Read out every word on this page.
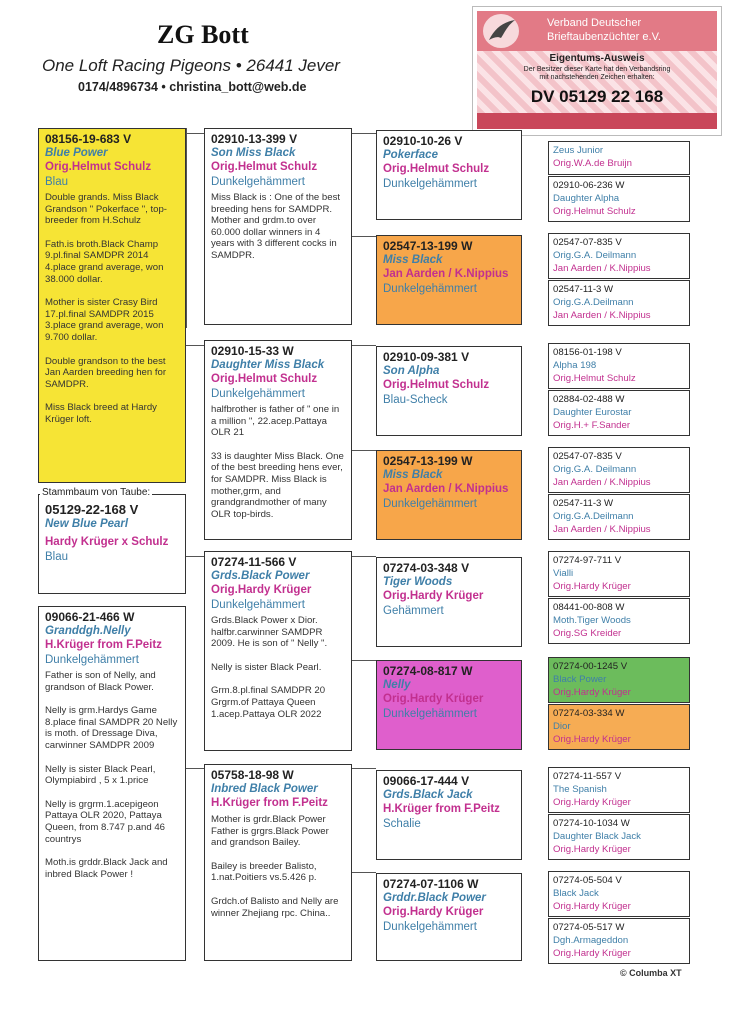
ZG Bott
One Loft Racing Pigeons • 26441 Jever
0174/4896734 • christina_bott@web.de
Verband Deutscher
Brieftaubenzüchter e.V.
Eigentums-Ausweis
Der Besitzer dieser Karte hat den Verbandsring
mit nachstehenden Zeichen erhalten:
DV 05129 22 168
08156-19-683 V
Blue Power
Orig.Helmut Schulz
Blau
Double grands. Miss Black Grandson " Pokerface ", top-breeder from H.Schulz
Fath.is broth.Black Champ 9.pl.final SAMDPR 2014 4.place grand average, won 38.000 dollar.
Mother is sister Crasy Bird 17.pl.final SAMDPR 2015 3.place grand average, won 9.700 dollar.
Double grandson to the best Jan Aarden breeding hen for SAMDPR.
Miss Black breed at Hardy Krüger loft.
Stammbaum von Taube:
05129-22-168 V
New Blue Pearl
Hardy Krüger x Schulz
Blau
09066-21-466 W
Granddgh.Nelly
H.Krüger from F.Peitz
Dunkelgehämmert
Father is son of Nelly, and grandson of Black Power.
Nelly is grm.Hardys Game 8.place final SAMDPR 20 Nelly is moth. of Dressage Diva, carwinner SAMDPR 2009
Nelly is sister Black Pearl, Olympiabird , 5 x 1.price
Nelly is grgrm.1.acepigeon Pattaya OLR 2020, Pattaya Queen, from 8.747 p.and 46 countrys
Moth.is grddr.Black Jack and inbred Black Power !
02910-13-399 V
Son Miss Black
Orig.Helmut Schulz
Dunkelgehämmert
Miss Black is : One of the best breeding hens for SAMDPR. Mother and grdm.to over 60.000 dollar winners in 4 years with 3 different cocks in SAMDPR.
02910-15-33 W
Daughter Miss Black
Orig.Helmut Schulz
Dunkelgehämmert
halfbrother is father of " one in a million ", 22.acep.Pattaya OLR 21
33 is daughter Miss Black. One of the best breeding hens ever, for SAMDPR. Miss Black is mother,grm, and grandgrandmother of many OLR top-birds.
07274-11-566 V
Grds.Black Power
Orig.Hardy Krüger
Dunkelgehämmert
Grds.Black Power x Dior. halfbr.carwinner SAMDPR 2009. He is son of " Nelly ".
Nelly is sister Black Pearl.
Grm.8.pl.final SAMDPR 20 Grgrm.of Pattaya Queen 1.acep.Pattaya OLR 2022
05758-18-98 W
Inbred Black Power
H.Krüger from F.Peitz
Mother is grdr.Black Power Father is grgrs.Black Power and grandson Bailey.
Bailey is breeder Balisto, 1.nat.Poitiers vs.5.426 p.
Grdch.of Balisto and Nelly are winner Zhejiang rpc. China..
02910-10-26 V
Pokerface
Orig.Helmut Schulz
Dunkelgehämmert
02547-13-199 W
Miss Black
Jan Aarden / K.Nippius
Dunkelgehämmert
02910-09-381 V
Son Alpha
Orig.Helmut Schulz
Blau-Scheck
02547-13-199 W
Miss Black
Jan Aarden / K.Nippius
Dunkelgehämmert
07274-03-348 V
Tiger Woods
Orig.Hardy Krüger
Gehämmert
07274-08-817 W
Nelly
Orig.Hardy Krüger
Dunkelgehämmert
09066-17-444 V
Grds.Black Jack
H.Krüger from F.Peitz
Schalie
07274-07-1106 W
Grddr.Black Power
Orig.Hardy Krüger
Dunkelgehämmert
Zeus Junior
Orig.W.A.de Bruijn
02910-06-236 W
Daughter Alpha
Orig.Helmut Schulz
02547-07-835 V
Orig.G.A. Deilmann
Jan Aarden / K.Nippius
02547-11-3 W
Orig.G.A.Deilmann
Jan Aarden / K.Nippius
08156-01-198 V
Alpha 198
Orig.Helmut Schulz
02884-02-488 W
Daughter Eurostar
Orig.H.+ F.Sander
02547-07-835 V
Orig.G.A. Deilmann
Jan Aarden / K.Nippius
02547-11-3 W
Orig.G.A.Deilmann
Jan Aarden / K.Nippius
07274-97-711 V
Vialli
Orig.Hardy Krüger
08441-00-808 W
Moth.Tiger Woods
Orig.SG Kreider
07274-00-1245 V
Black Power
Orig.Hardy Krüger
07274-03-334 W
Dior
Orig.Hardy Krüger
07274-11-557 V
The Spanish
Orig.Hardy Krüger
07274-10-1034 W
Daughter Black Jack
Orig.Hardy Krüger
07274-05-504 V
Black Jack
Orig.Hardy Krüger
07274-05-517 W
Dgh.Armageddon
Orig.Hardy Krüger
© Columba XT
